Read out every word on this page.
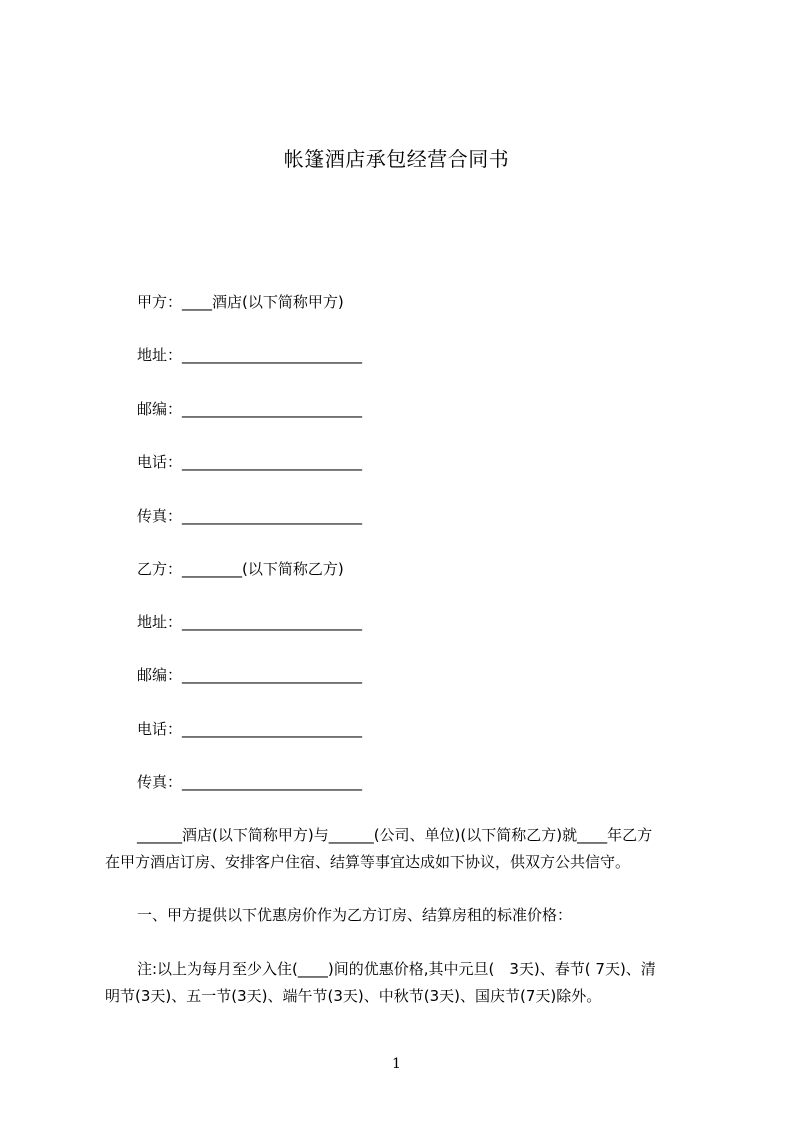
帐篷酒店承包经营合同书
甲方：____酒店(以下简称甲方)
地址：________________________
邮编：________________________
电话：________________________
传真：________________________
乙方：________(以下简称乙方)
地址：________________________
邮编：________________________
电话：________________________
传真：________________________
______酒店(以下简称甲方)与______(公司、单位)(以下简称乙方)就____年乙方
在甲方酒店订房、安排客户住宿、结算等事宜达成如下协议，供双方公共信守。
一、甲方提供以下优惠房价作为乙方订房、结算房租的标准价格：
注:以上为每月至少入住(____)间的优惠价格,其中元旦(　3天)、春节( 7天)、清
明节(3天)、五一节(3天)、端午节(3天)、中秋节(3天)、国庆节(7天)除外。
1
